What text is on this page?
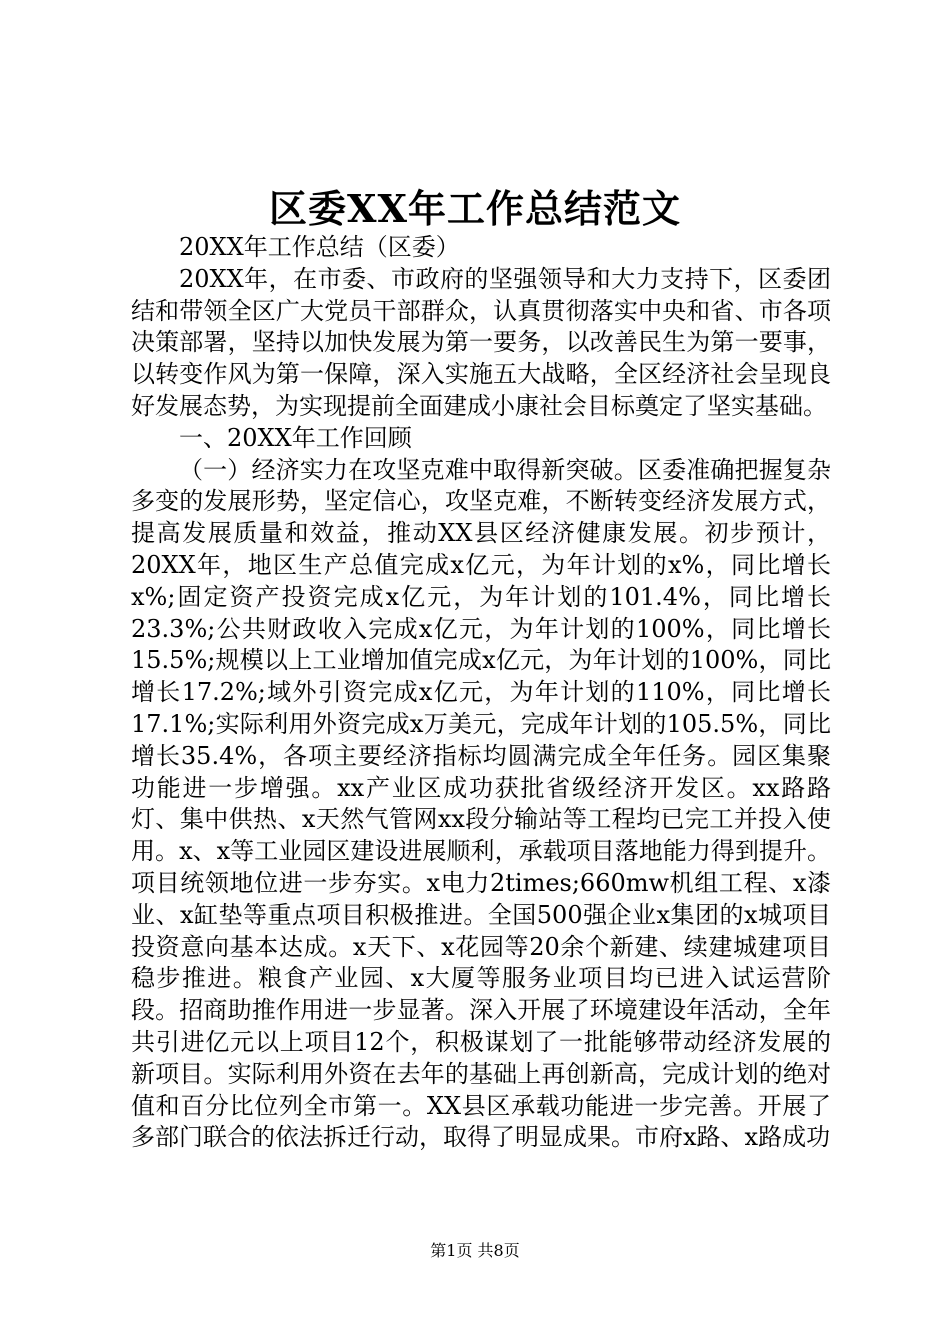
区委XX年工作总结范文

20XX年工作总结（区委）

20XX年，在市委、市政府的坚强领导和大力支持下，区委团结和带领全区广大党员干部群众，认真贯彻落实中央和省、市各项决策部署，坚持以加快发展为第一要务，以改善民生为第一要事，以转变作风为第一保障，深入实施五大战略，全区经济社会呈现良好发展态势，为实现提前全面建成小康社会目标奠定了坚实基础。

一、20XX年工作回顾

（一）经济实力在攻坚克难中取得新突破。区委准确把握复杂多变的发展形势，坚定信心，攻坚克难，不断转变经济发展方式，提高发展质量和效益，推动XX县区经济健康发展。初步预计，20XX年，地区生产总值完成x亿元，为年计划的x%，同比增长x%;固定资产投资完成x亿元，为年计划的101.4%，同比增长23.3%;公共财政收入完成x亿元，为年计划的100%，同比增长15.5%;规模以上工业增加值完成x亿元，为年计划的100%，同比增长17.2%;域外引资完成x亿元，为年计划的110%，同比增长17.1%;实际利用外资完成x万美元，完成年计划的105.5%，同比增长35.4%，各项主要经济指标均圆满完成全年任务。园区集聚功能进一步增强。xx产业区成功获批省级经济开发区。xx路路灯、集中供热、x天然气管网xx段分输站等工程均已完工并投入使用。x、x等工业园区建设进展顺利，承载项目落地能力得到提升。项目统领地位进一步夯实。x电力2times;660mw机组工程、x漆业、x缸垫等重点项目积极推进。全国500强企业x集团的x城项目投资意向基本达成。x天下、x花园等20余个新建、续建城建项目稳步推进。粮食产业园、x大厦等服务业项目均已进入试运营阶段。招商助推作用进一步显著。深入开展了环境建设年活动，全年共引进亿元以上项目12个，积极谋划了一批能够带动经济发展的新项目。实际利用外资在去年的基础上再创新高，完成计划的绝对值和百分比位列全市第一。XX县区承载功能进一步完善。开展了多部门联合的依法拆迁行动，取得了明显成果。市府x路、x路成功

第1页 共8页
